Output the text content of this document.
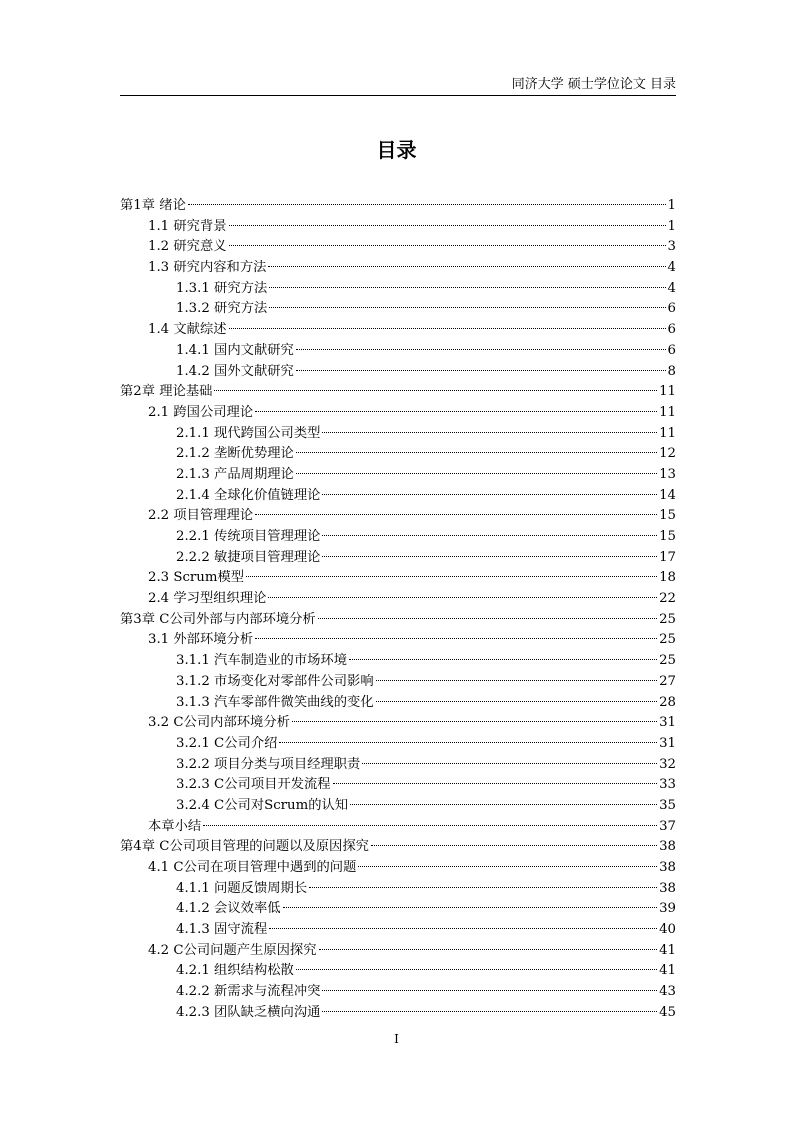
同济大学 硕士学位论文 目录
目录
第1章 绪论	1
1.1 研究背景	1
1.2 研究意义	3
1.3 研究内容和方法	4
1.3.1 研究方法	4
1.3.2 研究方法	6
1.4 文献综述	6
1.4.1 国内文献研究	6
1.4.2 国外文献研究	8
第2章 理论基础	11
2.1 跨国公司理论	11
2.1.1 现代跨国公司类型	11
2.1.2 垄断优势理论	12
2.1.3 产品周期理论	13
2.1.4 全球化价值链理论	14
2.2 项目管理理论	15
2.2.1 传统项目管理理论	15
2.2.2 敏捷项目管理理论	17
2.3 Scrum模型	18
2.4 学习型组织理论	22
第3章 C公司外部与内部环境分析	25
3.1 外部环境分析	25
3.1.1 汽车制造业的市场环境	25
3.1.2 市场变化对零部件公司影响	27
3.1.3 汽车零部件微笑曲线的变化	28
3.2 C公司内部环境分析	31
3.2.1 C公司介绍	31
3.2.2 项目分类与项目经理职责	32
3.2.3 C公司项目开发流程	33
3.2.4 C公司对Scrum的认知	35
本章小结	37
第4章 C公司项目管理的问题以及原因探究	38
4.1 C公司在项目管理中遇到的问题	38
4.1.1 问题反馈周期长	38
4.1.2 会议效率低	39
4.1.3 固守流程	40
4.2 C公司问题产生原因探究	41
4.2.1 组织结构松散	41
4.2.2 新需求与流程冲突	43
4.2.3 团队缺乏横向沟通	45
I
